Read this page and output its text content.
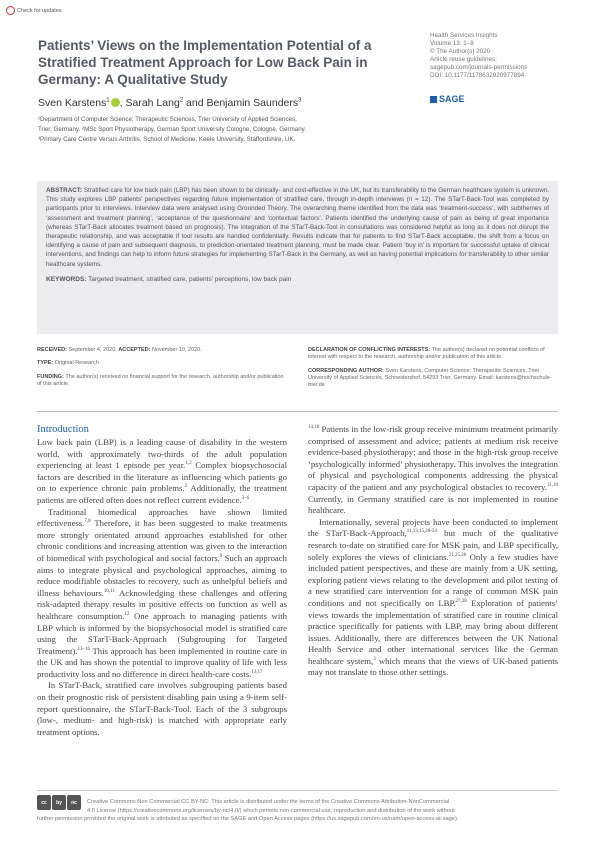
Check for updates
Patients’ Views on the Implementation Potential of a Stratified Treatment Approach for Low Back Pain in Germany: A Qualitative Study
Health Services Insights
Volume 13: 1–8
© The Author(s) 2020
Article reuse guidelines:
sagepub.com/journals-permissions
DOI: 10.1177/1178632920977894
SAGE
Sven Karstens$^1$ , Sarah Lang$^2$ and Benjamin Saunders$^3$
¹Department of Computer Science; Therapeutic Sciences, Trier University of Applied Sciences,
Trier, Germany. ²MSc Sport Physiotherapy, German Sport University Cologne, Cologne, Germany.
³Primary Care Centre Versus Arthritis, School of Medicine, Keele University, Staffordshire, UK.
ABSTRACT: Stratified care for low back pain (LBP) has been shown to be clinically- and cost-effective in the UK, but its transferability to the German healthcare system is unknown. This study explores LBP patients’ perspectives regarding future implementation of stratified care, through in-depth interviews (n = 12). The STarT-Back-Tool was completed by participants prior to interviews. Interview data were analysed using Grounded Theory. The overarching theme identified from the data was ‘treatment-success’, with subthemes of ‘assessment and treatment planning’, ‘acceptance of the questionnaire’ and ‘contextual factors’. Patients identified the underlying cause of pain as being of great importance (whereas STarT-Back allocates treatment based on prognosis). The integration of the STarT-Back-Tool in consultations was considered helpful as long as it does not disrupt the therapeutic relationship, and was acceptable if tool results are handled confidentially. Results indicate that for patients to find STarT-Back acceptable, the shift from a focus on identifying a cause of pain and subsequent diagnosis, to prediction-orientated treatment planning, must be made clear. Patient ‘buy in’ is important for successful uptake of clinical interventions, and findings can help to inform future strategies for implementing STarT-Back in the Germany, as well as having potential implications for transferability to other similar healthcare systems.
KEYWORDS: Targeted treatment, stratified care, patients’ perceptions, low back pain
RECEIVED: September 4, 2020. ACCEPTED: November 10, 2020.
TYPE: Original Research
FUNDING: The author(s) received no financial support for the research, authorship and/or publication of this article.
DECLARATION OF CONFLICTING INTERESTS: The author(s) declared no potential conflicts of interest with respect to the research, authorship and/or publication of this article.
CORRESPONDING AUTHOR: Sven Karstens, Computer Science; Therapeutic Sciences, Trier University of Applied Sciences, Schneidershof, 54293 Trier, Germany. Email: karstens@hochschule-trier.de
Introduction

Low back pain (LBP) is a leading cause of disability in the western world, with approximately two-thirds of the adult population experiencing at least 1 episode per year.$^{1,2}$ Complex biopsychosocial factors are described in the literature as influencing which patients go on to experience chronic pain problems.$^2$ Additionally, the treatment patients are offered often does not reflect current evidence.$^{3-6}$

Traditional biomedical approaches have shown limited effectiveness.$^{7,8}$ Therefore, it has been suggested to make treatments more strongly orientated around approaches established for other chronic conditions and increasing attention was given to the interaction of biomedical with psychological and social factors.$^9$ Such an approach aims to integrate physical and psychological approaches, aiming to reduce modifiable obstacles to recovery, such as unhelpful beliefs and illness behaviours.$^{10,11}$ Acknowledging these challenges and offering risk-adapted therapy results in positive effects on function as well as healthcare consumption.$^{12}$ One approach to managing patients with LBP which is informed by the biopsychosocial model is stratified care using the STarT-Back-Approach (Subgrouping for Targeted Treatment).$^{13-16}$ This approach has been implemented in routine care in the UK and has shown the potential to improve quality of life with less productivity loss and no difference in direct health-care costs.$^{13,17}$

In STarT-Back, stratified care involves subgrouping patients based on their prognostic risk of persistent disabling pain using a 9-item self-report questionnaire, the STarT-Back-Tool. Each of the 3 subgroups (low-, medium- and high-risk) is matched with appropriate early treatment options.

$^{14,18}$ Patients in the low-risk group receive minimum treatment primarily comprised of assessment and advice; patients at medium risk receive evidence-based physiotherapy; and those in the high-risk group receive ‘psychologically informed’ physiotherapy. This involves the integration of physical and psychological components addressing the physical capacity of the patient and any psychological obstacles to recovery.$^{11,19}$ Currently, in Germany stratified care is not implemented in routine healthcare.

Internationally, several projects have been conducted to implement the STarT-Back-Approach,$^{11,13,15,20-24}$ but much of the qualitative research to-date on stratified care for MSK pain, and LBP specifically, solely explores the views of clinicians.$^{21,25,26}$ Only a few studies have included patient perspectives, and these are mainly from a UK setting, exploring patient views relating to the development and pilot testing of a new stratified care intervention for a range of common MSK pain conditions and not specifically on LBP.$^{27,28}$ Exploration of patients’ views towards the implementation of stratified care in routine clinical practice specifically for patients with LBP, may bring about different issues. Additionally, there are differences between the UK National Health Service and other international services like the German healthcare system,$^3$ which means that the views of UK-based patients may not translate to those other settings.

cc	by	nc	Creative Commons Non Commercial CC BY-NC: This article is distributed under the terms of the Creative Commons Attribution-NonCommercial
4.0 License (https://creativecommons.org/licenses/by-nc/4.0/) which permits non-commercial use, reproduction and distribution of the work without
further permission provided the original work is attributed as specified on the SAGE and Open Access pages (https://us.sagepub.com/en-us/nam/open-access-at-sage).
